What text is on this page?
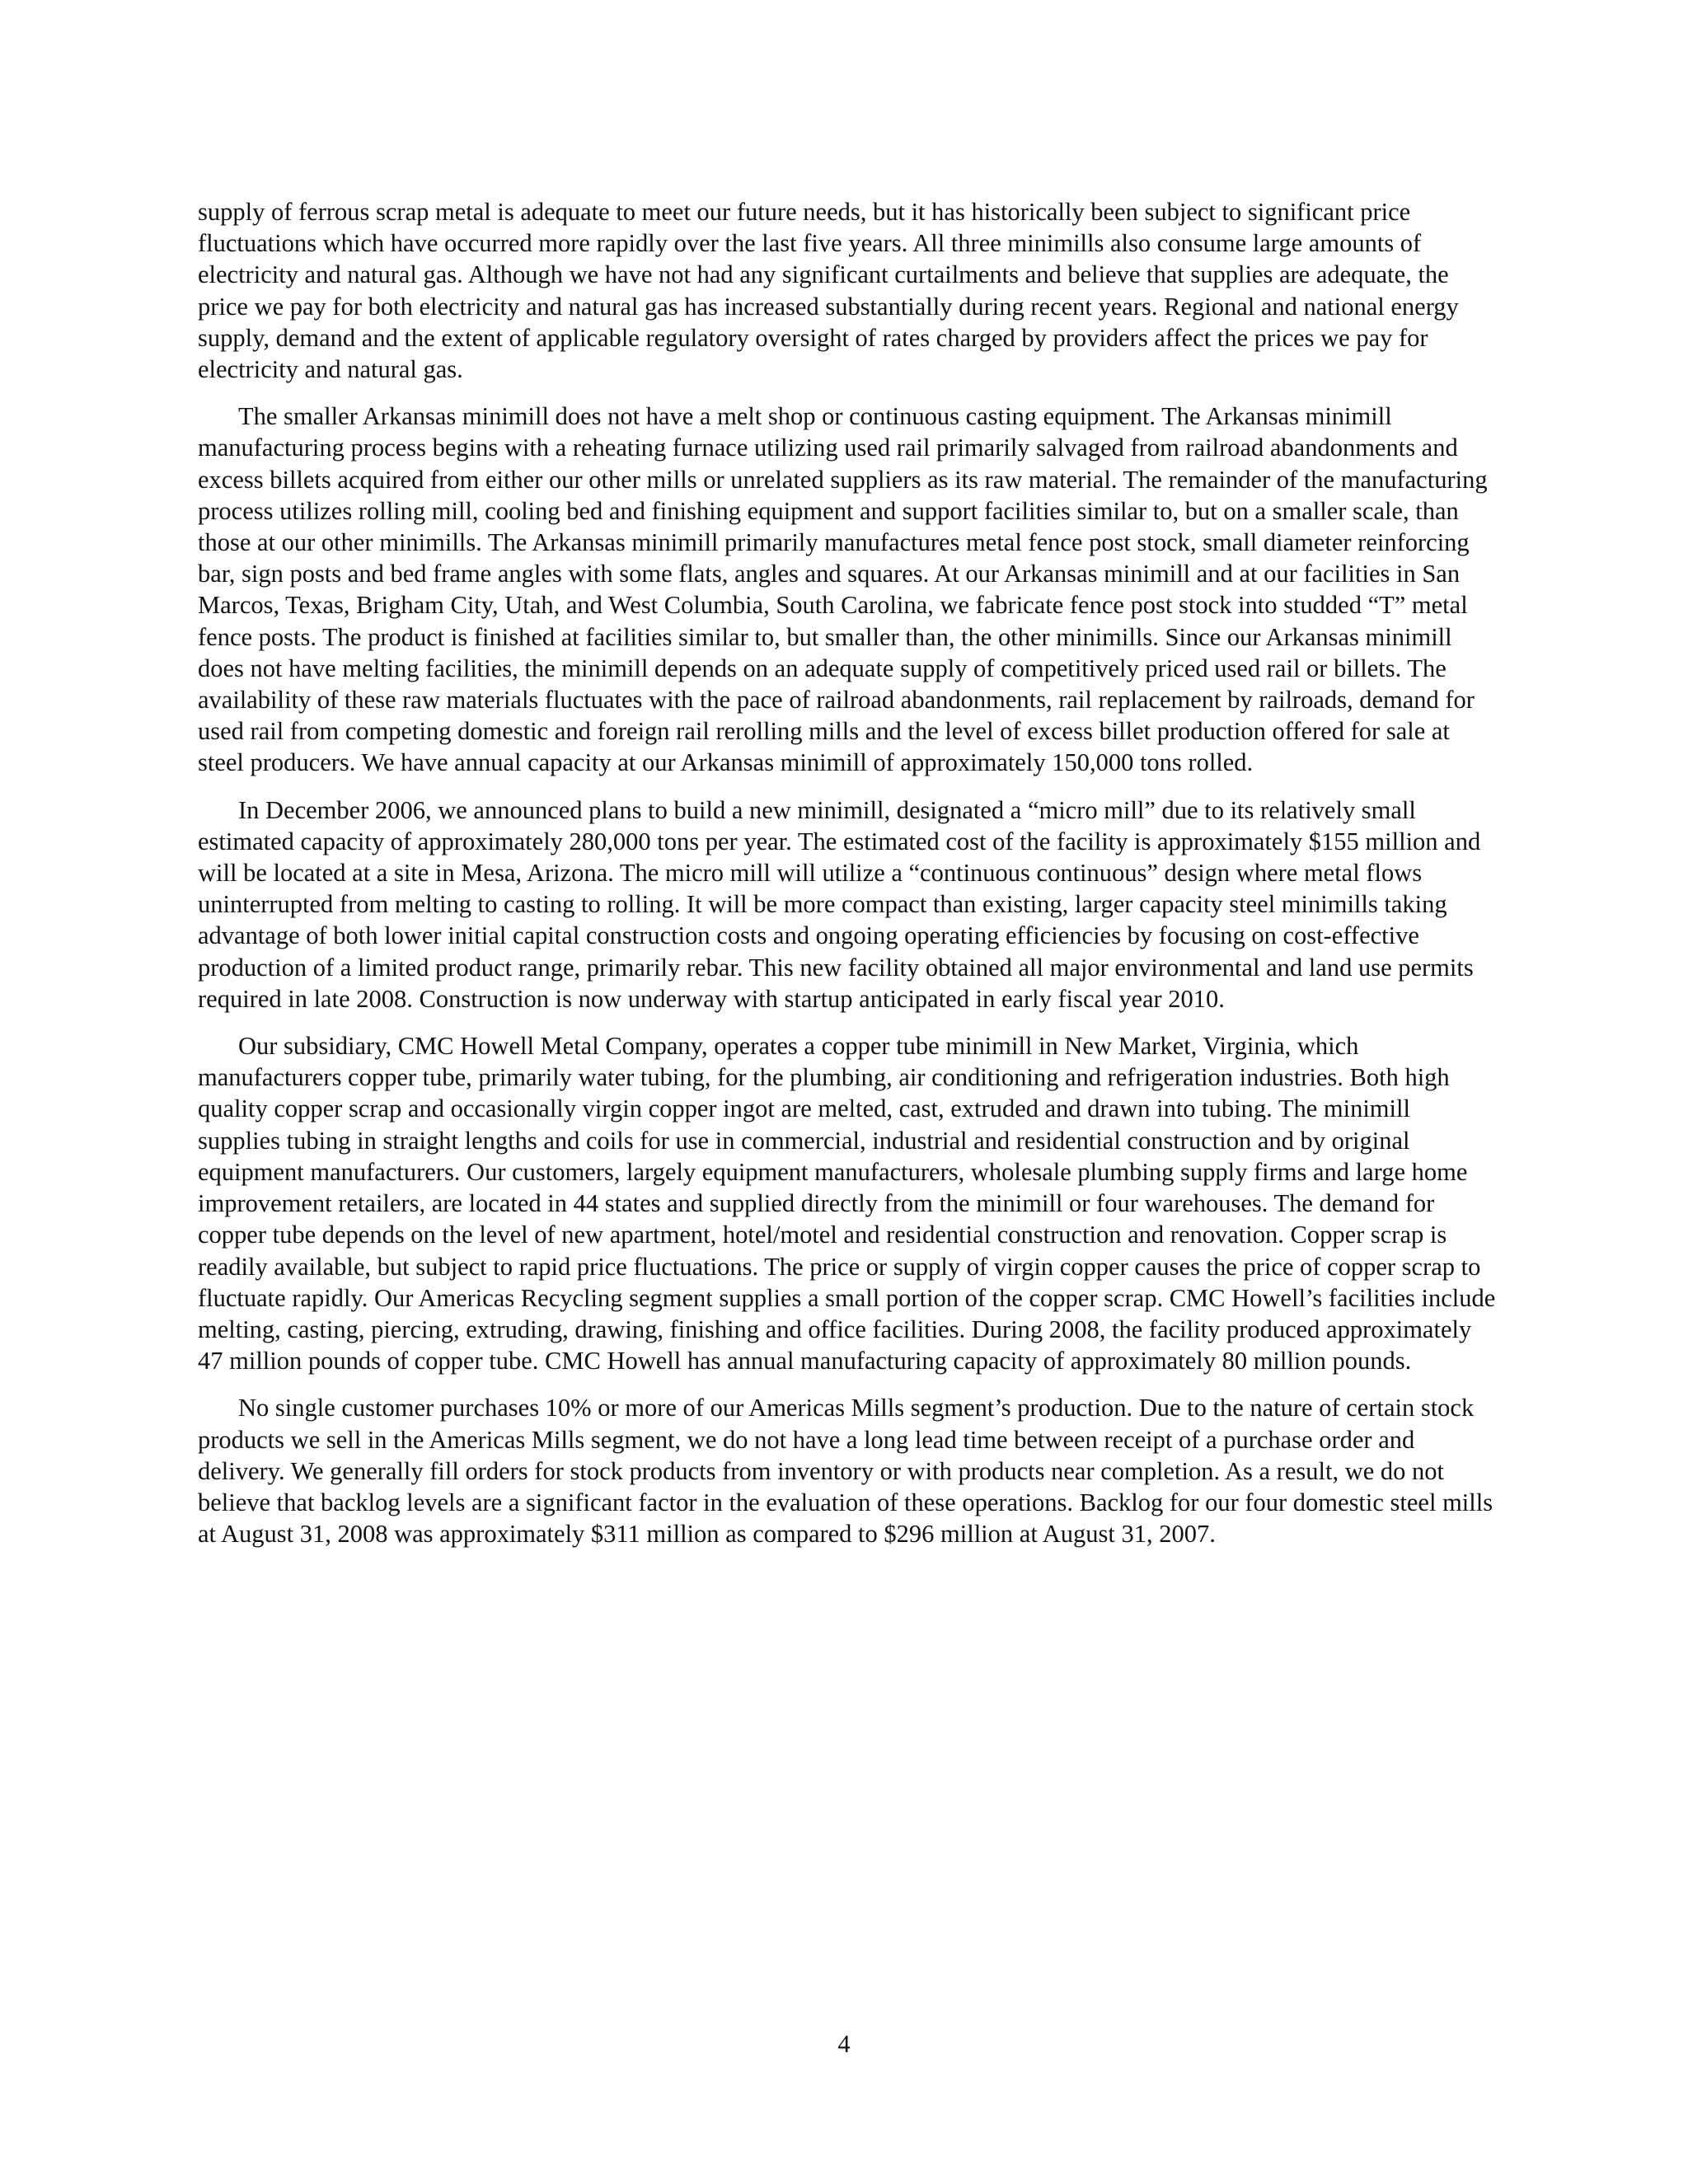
supply of ferrous scrap metal is adequate to meet our future needs, but it has historically been subject to significant price fluctuations which have occurred more rapidly over the last five years. All three minimills also consume large amounts of electricity and natural gas. Although we have not had any significant curtailments and believe that supplies are adequate, the price we pay for both electricity and natural gas has increased substantially during recent years. Regional and national energy supply, demand and the extent of applicable regulatory oversight of rates charged by providers affect the prices we pay for electricity and natural gas.

The smaller Arkansas minimill does not have a melt shop or continuous casting equipment. The Arkansas minimill manufacturing process begins with a reheating furnace utilizing used rail primarily salvaged from railroad abandonments and excess billets acquired from either our other mills or unrelated suppliers as its raw material. The remainder of the manufacturing process utilizes rolling mill, cooling bed and finishing equipment and support facilities similar to, but on a smaller scale, than those at our other minimills. The Arkansas minimill primarily manufactures metal fence post stock, small diameter reinforcing bar, sign posts and bed frame angles with some flats, angles and squares. At our Arkansas minimill and at our facilities in San Marcos, Texas, Brigham City, Utah, and West Columbia, South Carolina, we fabricate fence post stock into studded “T” metal fence posts. The product is finished at facilities similar to, but smaller than, the other minimills. Since our Arkansas minimill does not have melting facilities, the minimill depends on an adequate supply of competitively priced used rail or billets. The availability of these raw materials fluctuates with the pace of railroad abandonments, rail replacement by railroads, demand for used rail from competing domestic and foreign rail rerolling mills and the level of excess billet production offered for sale at steel producers. We have annual capacity at our Arkansas minimill of approximately 150,000 tons rolled.

In December 2006, we announced plans to build a new minimill, designated a “micro mill” due to its relatively small estimated capacity of approximately 280,000 tons per year. The estimated cost of the facility is approximately $155 million and will be located at a site in Mesa, Arizona. The micro mill will utilize a “continuous continuous” design where metal flows uninterrupted from melting to casting to rolling. It will be more compact than existing, larger capacity steel minimills taking advantage of both lower initial capital construction costs and ongoing operating efficiencies by focusing on cost-effective production of a limited product range, primarily rebar. This new facility obtained all major environmental and land use permits required in late 2008. Construction is now underway with startup anticipated in early fiscal year 2010.

Our subsidiary, CMC Howell Metal Company, operates a copper tube minimill in New Market, Virginia, which manufacturers copper tube, primarily water tubing, for the plumbing, air conditioning and refrigeration industries. Both high quality copper scrap and occasionally virgin copper ingot are melted, cast, extruded and drawn into tubing. The minimill supplies tubing in straight lengths and coils for use in commercial, industrial and residential construction and by original equipment manufacturers. Our customers, largely equipment manufacturers, wholesale plumbing supply firms and large home improvement retailers, are located in 44 states and supplied directly from the minimill or four warehouses. The demand for copper tube depends on the level of new apartment, hotel/motel and residential construction and renovation. Copper scrap is readily available, but subject to rapid price fluctuations. The price or supply of virgin copper causes the price of copper scrap to fluctuate rapidly. Our Americas Recycling segment supplies a small portion of the copper scrap. CMC Howell’s facilities include melting, casting, piercing, extruding, drawing, finishing and office facilities. During 2008, the facility produced approximately 47 million pounds of copper tube. CMC Howell has annual manufacturing capacity of approximately 80 million pounds.

No single customer purchases 10% or more of our Americas Mills segment’s production. Due to the nature of certain stock products we sell in the Americas Mills segment, we do not have a long lead time between receipt of a purchase order and delivery. We generally fill orders for stock products from inventory or with products near completion. As a result, we do not believe that backlog levels are a significant factor in the evaluation of these operations. Backlog for our four domestic steel mills at August 31, 2008 was approximately $311 million as compared to $296 million at August 31, 2007.

4
